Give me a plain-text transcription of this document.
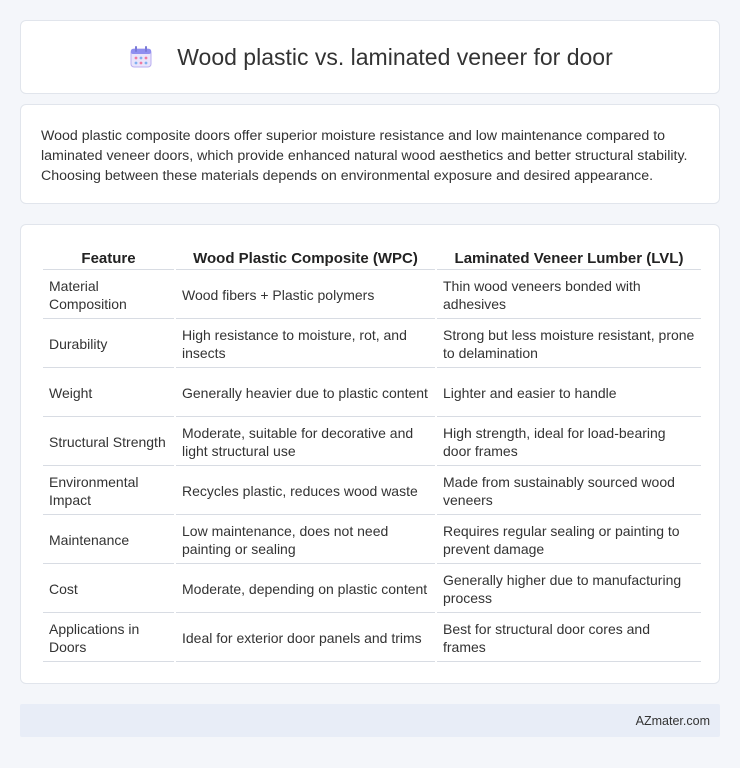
Wood plastic vs. laminated veneer for door

Wood plastic composite doors offer superior moisture resistance and low maintenance compared to laminated veneer doors, which provide enhanced natural wood aesthetics and better structural stability. Choosing between these materials depends on environmental exposure and desired appearance.

Feature	Wood Plastic Composite (WPC)	Laminated Veneer Lumber (LVL)
Material Composition	Wood fibers + Plastic polymers	Thin wood veneers bonded with adhesives
Durability	High resistance to moisture, rot, and insects	Strong but less moisture resistant, prone to delamination
Weight	Generally heavier due to plastic content	Lighter and easier to handle
Structural Strength	Moderate, suitable for decorative and light structural use	High strength, ideal for load-bearing door frames
Environmental Impact	Recycles plastic, reduces wood waste	Made from sustainably sourced wood veneers
Maintenance	Low maintenance, does not need painting or sealing	Requires regular sealing or painting to prevent damage
Cost	Moderate, depending on plastic content	Generally higher due to manufacturing process
Applications in Doors	Ideal for exterior door panels and trims	Best for structural door cores and frames
AZmater.com
